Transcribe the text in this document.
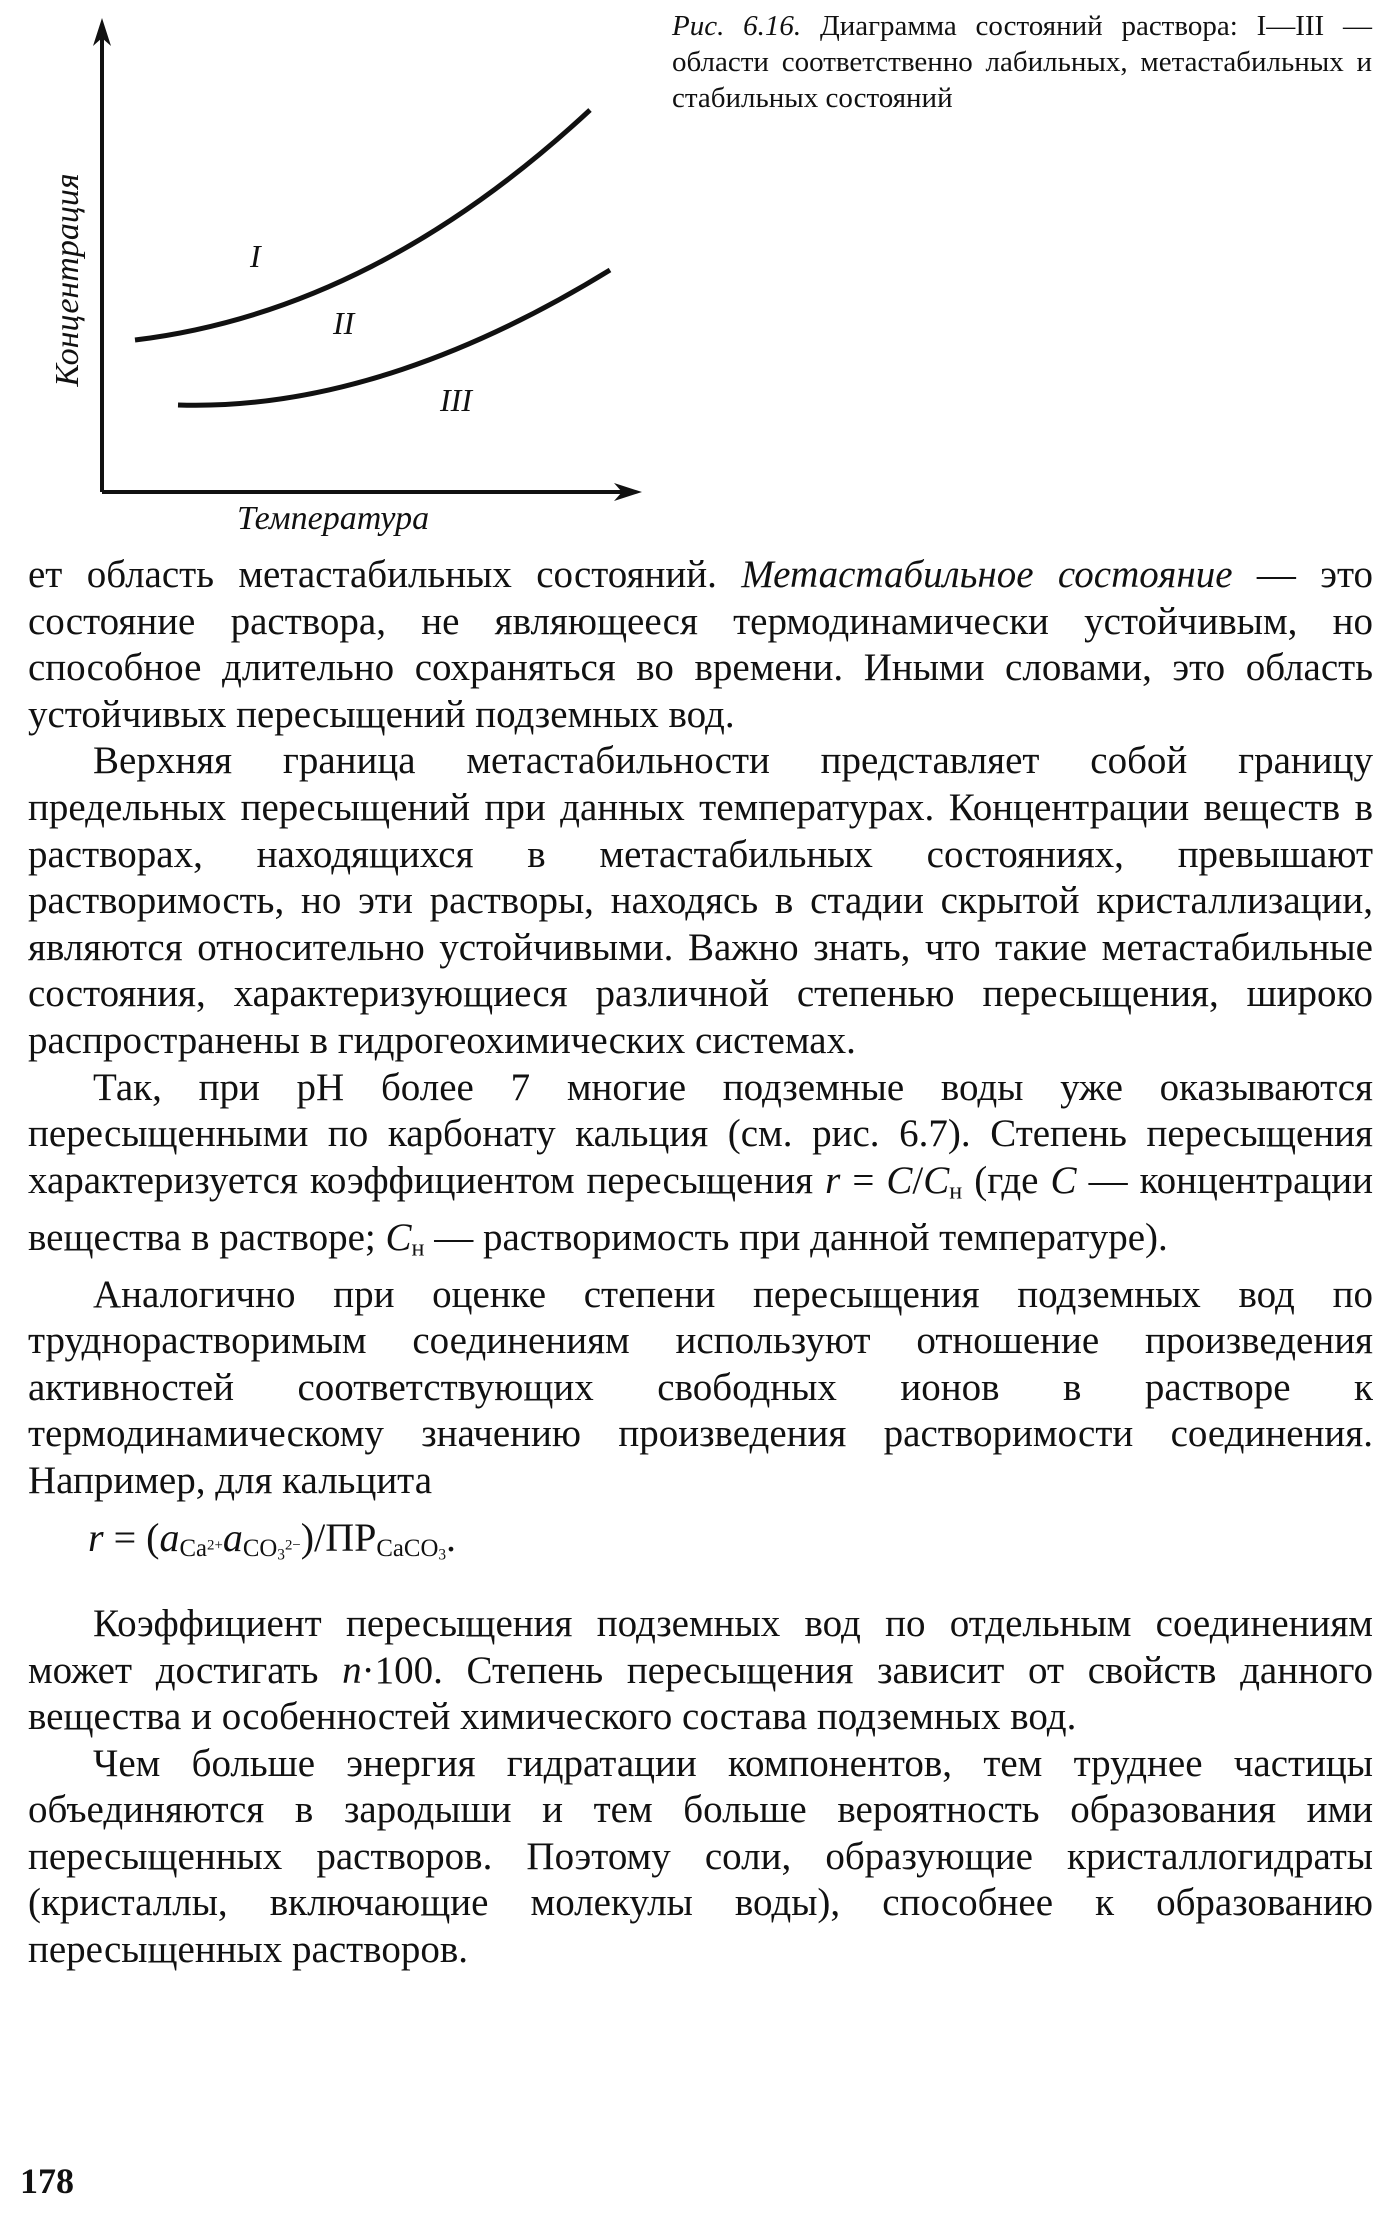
Концентрация
Температура
I
II
III
Рис. 6.16. Диаграмма состояний раствора: I—III — области соответственно лабильных, метастабильных и стабильных состояний

ет область метастабильных состояний. Метастабильное состояние — это состояние раствора, не являющееся термодинамически устойчивым, но способное длительно сохраняться во времени. Иными словами, это область устойчивых пересыщений подземных вод.

Верхняя граница метастабильности представляет собой границу предельных пересыщений при данных температурах. Концентрации веществ в растворах, находящихся в метастабильных состояниях, превышают растворимость, но эти растворы, находясь в стадии скрытой кристаллизации, являются относительно устойчивыми. Важно знать, что такие метастабильные состояния, характеризующиеся различной степенью пересыщения, широко распространены в гидрогеохимических системах.

Так, при pH более 7 многие подземные воды уже оказываются пересыщенными по карбонату кальция (см. рис. 6.7). Степень пересыщения характеризуется коэффициентом пересыщения $r = C/C_н$ (где C — концентрации вещества в растворе; $C_н$ — растворимость при данной температуре).

Аналогично при оценке степени пересыщения подземных вод по труднорастворимым соединениям используют отношение произведения активностей соответствующих свободных ионов в растворе к термодинамическому значению произведения растворимости соединения. Например, для кальцита

$r = (a_{Ca^{2+}}a_{CO_3^{2-}})/ПР_{CaCO_3}$.

Коэффициент пересыщения подземных вод по отдельным соединениям может достигать n·100. Степень пересыщения зависит от свойств данного вещества и особенностей химического состава подземных вод.

Чем больше энергия гидратации компонентов, тем труднее частицы объединяются в зародыши и тем больше вероятность образования ими пересыщенных растворов. Поэтому соли, образующие кристаллогидраты (кристаллы, включающие молекулы воды), способнее к образованию пересыщенных растворов.

178
